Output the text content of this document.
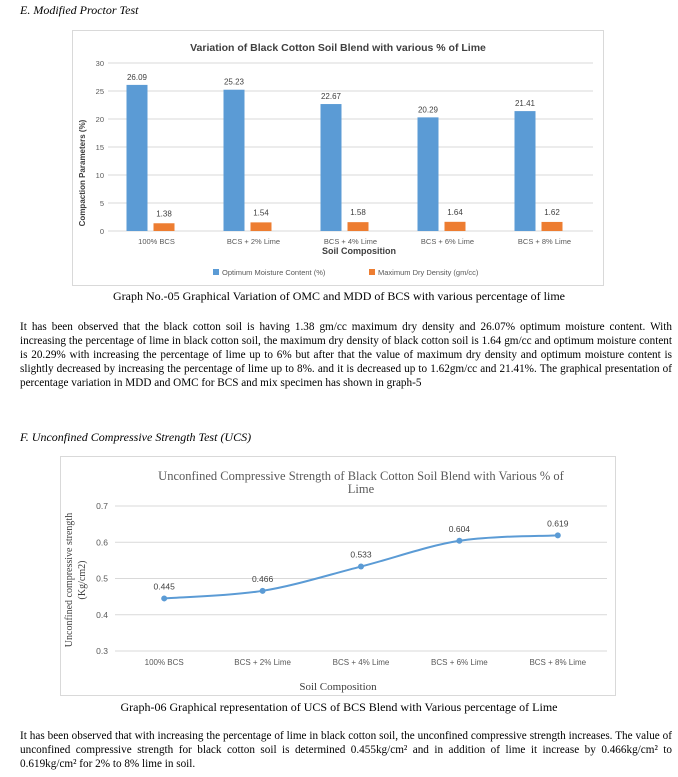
E. Modified Proctor Test
Variation of Black Cotton Soil Blend with various % of Lime
0
5
10
15
20
25
30
26.09
1.38
25.23
1.54
22.67
1.58
20.29
1.64
21.41
1.62
100% BCS	BCS + 2% Lime	BCS + 4% Lime	BCS + 6% Lime	BCS + 8% Lime
Soil Composition
Compaction Parameters (%)
Optimum Moisture Content (%)	Maximum Dry Density (gm/cc)
Graph No.-05 Graphical Variation of OMC and MDD of BCS with various percentage of lime
It has been observed that the black cotton soil is having 1.38 gm/cc maximum dry density and 26.07% optimum moisture content. With increasing the percentage of lime in black cotton soil, the maximum dry density of black cotton soil is 1.64 gm/cc and optimum moisture content is 20.29% with increasing the percentage of lime up to 6% but after that the value of maximum dry density and optimum moisture content is slightly decreased by increasing the percentage of lime up to 8%. and it is decreased up to 1.62gm/cc and 21.41%. The graphical presentation of percentage variation in MDD and OMC for BCS and mix specimen has shown in graph-5
F. Unconfined Compressive Strength Test (UCS)
Unconfined Compressive Strength of Black Cotton Soil Blend with Various % of
Lime
0.3
0.4
0.5
0.6
0.7
0.445
0.466
0.533
0.604
0.619
100% BCS	BCS + 2% Lime	BCS + 4% Lime	BCS + 6% Lime	BCS + 8% Lime
Soil Composition
Unconfined compressive strength (Kg/cm2)
Graph-06 Graphical representation of UCS of BCS Blend with Various percentage of Lime
It has been observed that with increasing the percentage of lime in black cotton soil, the unconfined compressive strength increases. The value of unconfined compressive strength for black cotton soil is determined 0.455kg/cm² and in addition of lime it increase by 0.466kg/cm² to 0.619kg/cm² for 2% to 8% lime in soil.
